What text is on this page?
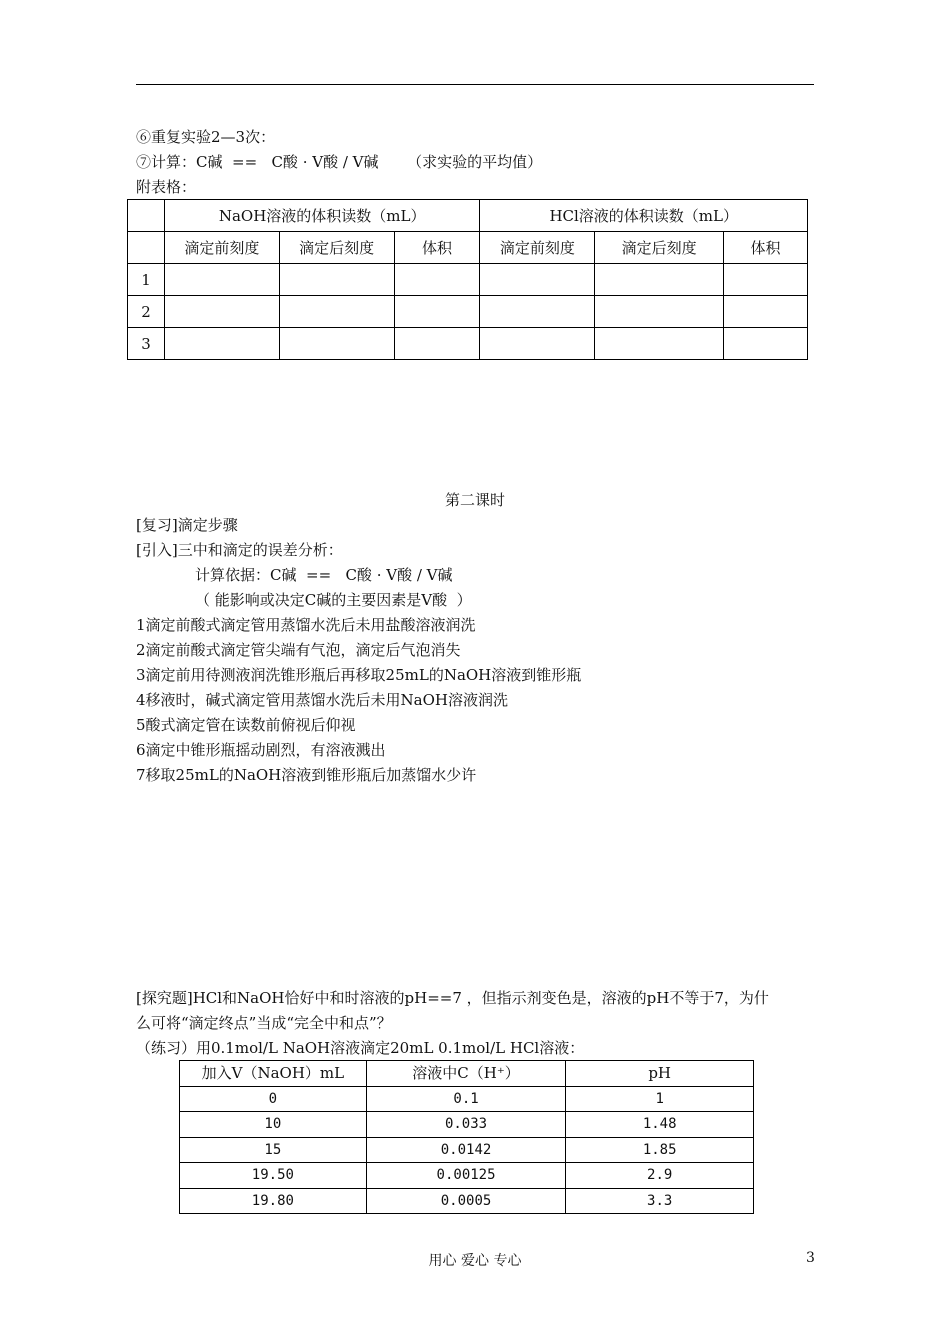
⑥重复实验2—3次：
⑦计算：C碱  ==   C酸 · V酸 / V碱      （求实验的平均值）
附表格：
	NaOH溶液的体积读数（mL）			HCl溶液的体积读数（mL）		
	滴定前刻度	滴定后刻度	体积	滴定前刻度	滴定后刻度	体积
1						
2						
3						
第二课时
[复习]滴定步骤
[引入]三中和滴定的误差分析：
计算依据：C碱  ==   C酸 · V酸 / V碱
（ 能影响或决定C碱的主要因素是V酸  ）
1滴定前酸式滴定管用蒸馏水洗后未用盐酸溶液润洗
2滴定前酸式滴定管尖端有气泡，滴定后气泡消失
3滴定前用待测液润洗锥形瓶后再移取25mL的NaOH溶液到锥形瓶
4移液时，碱式滴定管用蒸馏水洗后未用NaOH溶液润洗
5酸式滴定管在读数前俯视后仰视
6滴定中锥形瓶摇动剧烈，有溶液溅出
7移取25mL的NaOH溶液到锥形瓶后加蒸馏水少许
[探究题]HCl和NaOH恰好中和时溶液的pH==7 ，但指示剂变色是，溶液的pH不等于7，为什
么可将“滴定终点”当成“完全中和点”？
（练习）用0.1mol/L NaOH溶液滴定20mL 0.1mol/L HCl溶液：
加入V（NaOH）mL	溶液中C（H⁺）	pH
0	0.1	1
10	0.033	1.48
15	0.0142	1.85
19.50	0.00125	2.9
19.80	0.0005	3.3
用心 爱心 专心	3
